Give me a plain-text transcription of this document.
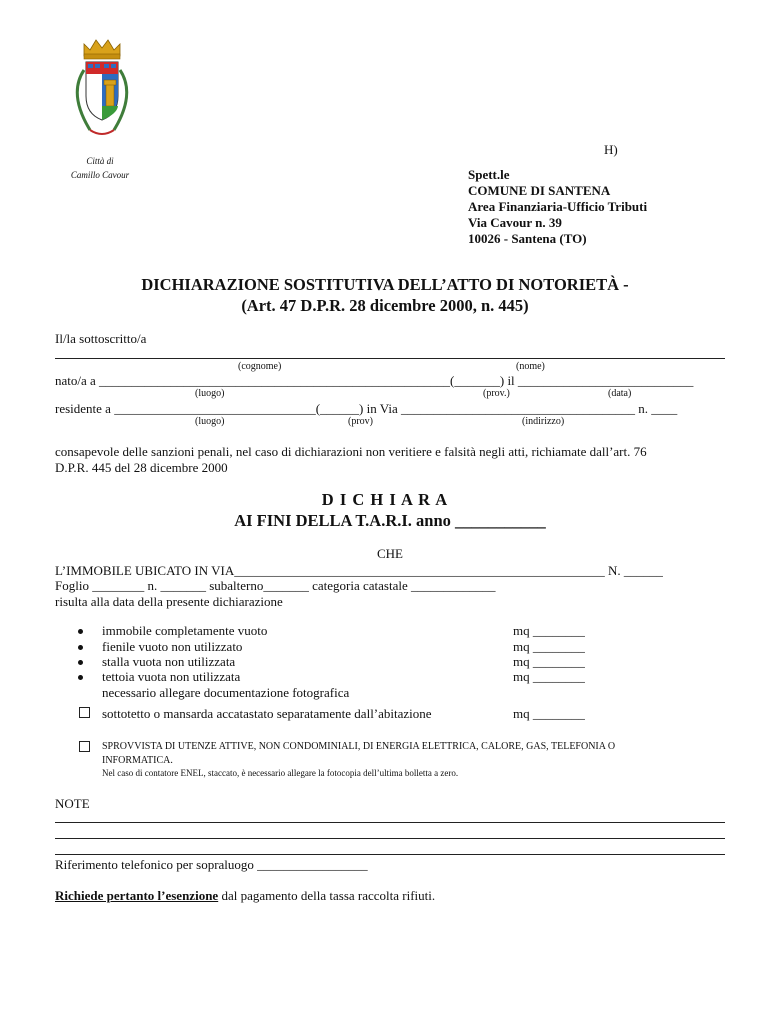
Città di
Camillo Cavour
H)
Spett.le
COMUNE DI SANTENA
Area Finanziaria-Ufficio Tributi
Via Cavour n. 39
10026 - Santena (TO)
DICHIARAZIONE SOSTITUTIVA DELL’ATTO DI NOTORIETÀ -
(Art. 47 D.P.R. 28 dicembre 2000, n. 445)
Il/la sottoscritto/a
(cognome)	(nome)
nato/a a ______________________________________________________(_______) il ___________________________
(luogo)	(prov.)	(data)
residente a _______________________________(______) in Via ____________________________________ n. ____
(luogo)	(prov)	(indirizzo)
consapevole delle sanzioni penali, nel caso di dichiarazioni non veritiere e falsità negli atti, richiamate dall’art. 76
D.P.R. 445 del 28 dicembre 2000
D I C H I A R A
AI FINI DELLA T.A.R.I. anno ___________
CHE
L’IMMOBILE UBICATO IN VIA_________________________________________________________ N. ______
Foglio ________ n. _______ subalterno_______ categoria catastale _____________
risulta alla data della presente dichiarazione
immobile completamente vuoto	mq ________
fienile vuoto non utilizzato	mq ________
stalla vuota non utilizzata	mq ________
tettoia vuota non utilizzata	mq ________
necessario allegare documentazione fotografica
sottotetto o mansarda accatastato separatamente dall’abitazione	mq ________
SPROVVISTA DI UTENZE ATTIVE, NON CONDOMINIALI, DI ENERGIA ELETTRICA, CALORE, GAS, TELEFONIA O
INFORMATICA.
Nel caso di contatore ENEL, staccato, è necessario allegare la fotocopia dell’ultima bolletta a zero.
NOTE
Riferimento telefonico per sopraluogo _________________
Richiede pertanto l’esenzione dal pagamento della tassa raccolta rifiuti.
